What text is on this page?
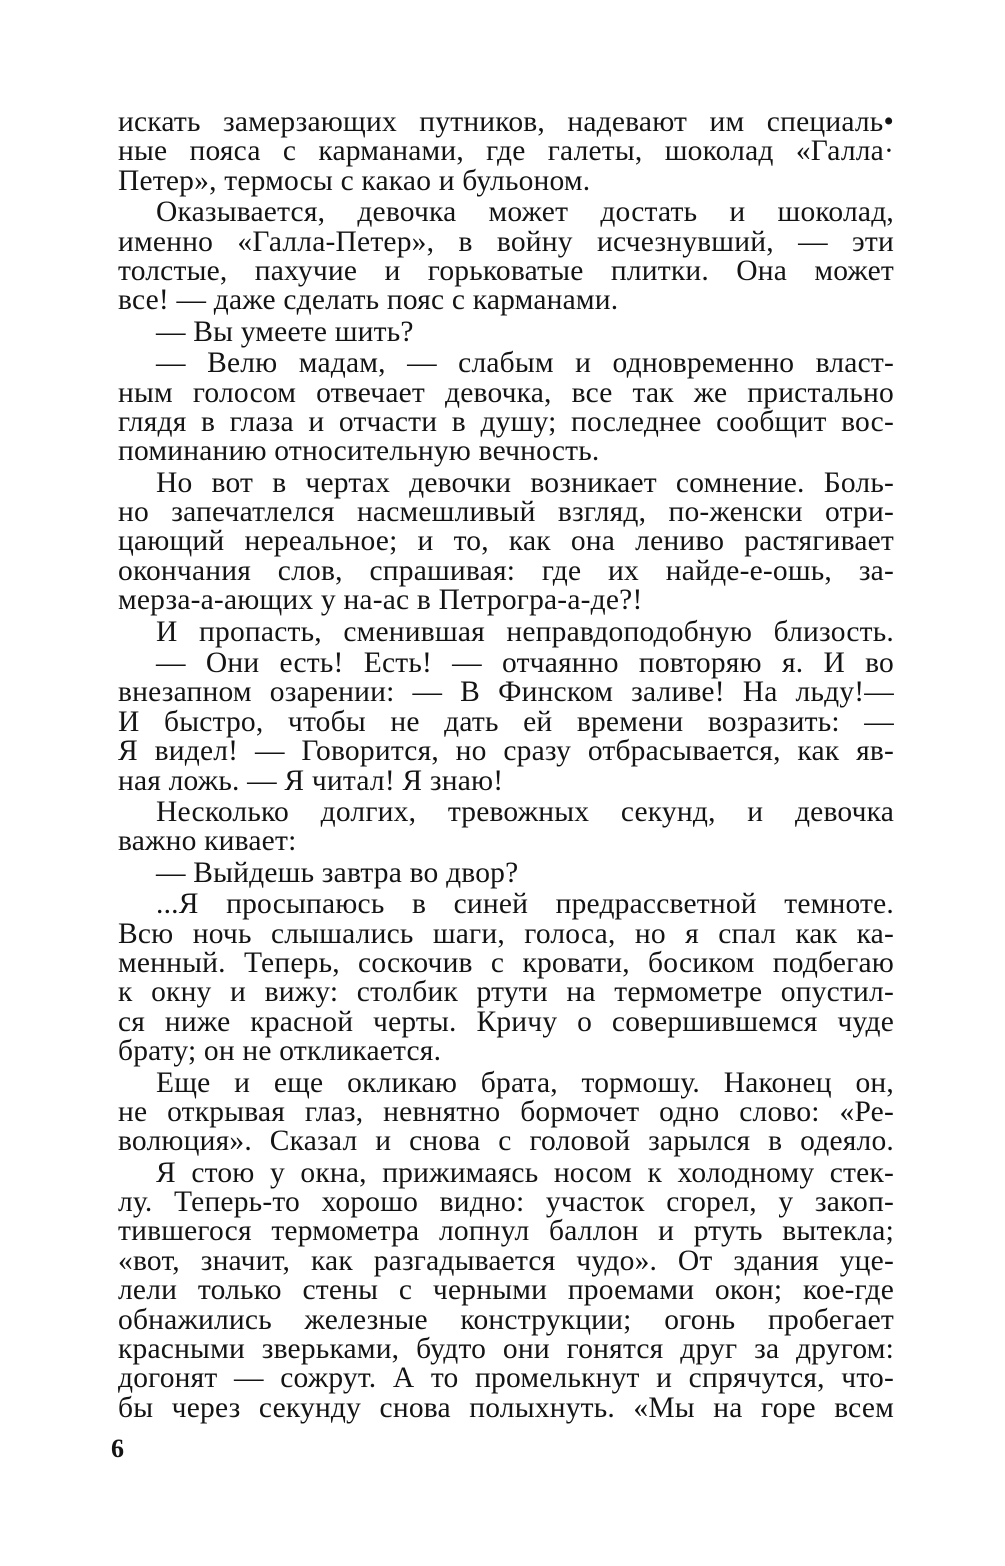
искать замерзающих путников, надевают им специаль•
ные пояса с карманами, где галеты, шоколад «Галла·
Петер», термосы с какао и бульоном.
Оказывается, девочка может достать и шоколад,
именно «Галла-Петер», в войну исчезнувший, — эти
толстые, пахучие и горьковатые плитки. Она может
все! — даже сделать пояс с карманами.
— Вы умеете шить?
— Велю мадам, — слабым и одновременно власт-
ным голосом отвечает девочка, все так же пристально
глядя в глаза и отчасти в душу; последнее сообщит вос-
поминанию относительную вечность.
Но вот в чертах девочки возникает сомнение. Боль-
но запечатлелся насмешливый взгляд, по-женски отри-
цающий нереальное; и то, как она лениво растягивает
окончания слов, спрашивая: где их найде-е-ошь, за-
мерза-а-ающих у на-ас в Петрогра-а-де?!
И пропасть, сменившая неправдоподобную близость.
— Они есть! Есть! — отчаянно повторяю я. И во
внезапном озарении: — В Финском заливе! На льду!—
И быстро, чтобы не дать ей времени возразить: —
Я видел! — Говорится, но сразу отбрасывается, как яв-
ная ложь. — Я читал! Я знаю!
Несколько долгих, тревожных секунд, и девочка
важно кивает:
— Выйдешь завтра во двор?
...Я просыпаюсь в синей предрассветной темноте.
Всю ночь слышались шаги, голоса, но я спал как ка-
менный. Теперь, соскочив с кровати, босиком подбегаю
к окну и вижу: столбик ртути на термометре опустил-
ся ниже красной черты. Кричу о совершившемся чуде
брату; он не откликается.
Еще и еще окликаю брата, тормошу. Наконец он,
не открывая глаз, невнятно бормочет одно слово: «Ре-
волюция». Сказал и снова с головой зарылся в одеяло.
Я стою у окна, прижимаясь носом к холодному стек-
лу. Теперь-то хорошо видно: участок сгорел, у закоп-
тившегося термометра лопнул баллон и ртуть вытекла;
«вот, значит, как разгадывается чудо». От здания уце-
лели только стены с черными проемами окон; кое-где
обнажились железные конструкции; огонь пробегает
красными зверьками, будто они гонятся друг за другом:
догонят — сожрут. А то промелькнут и спрячутся, что-
бы через секунду снова полыхнуть. «Мы на горе всем
6
